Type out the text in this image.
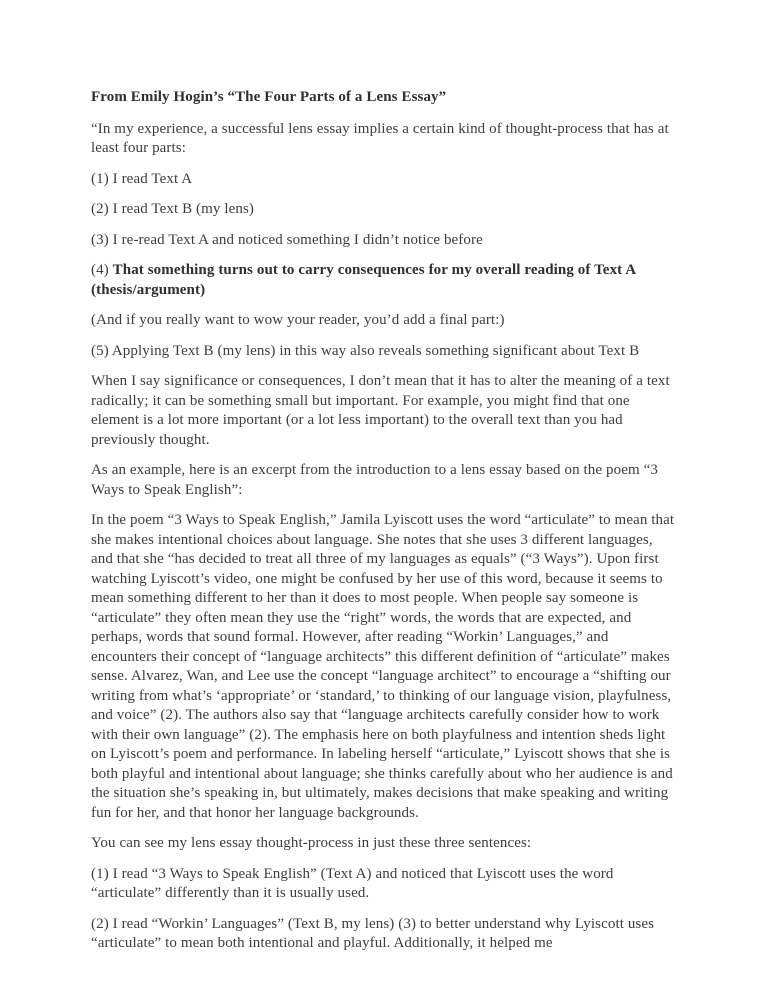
From Emily Hogin’s “The Four Parts of a Lens Essay”

“In my experience, a successful lens essay implies a certain kind of thought-process that has at least four parts:

(1) I read Text A

(2) I read Text B (my lens)

(3) I re-read Text A and noticed something I didn’t notice before

(4) That something turns out to carry consequences for my overall reading of Text A (thesis/argument)

(And if you really want to wow your reader, you’d add a final part:)

(5) Applying Text B (my lens) in this way also reveals something significant about Text B

When I say significance or consequences, I don’t mean that it has to alter the meaning of a text radically; it can be something small but important. For example, you might find that one element is a lot more important (or a lot less important) to the overall text than you had previously thought.

As an example, here is an excerpt from the introduction to a lens essay based on the poem “3 Ways to Speak English”:

In the poem “3 Ways to Speak English,” Jamila Lyiscott uses the word “articulate” to mean that she makes intentional choices about language. She notes that she uses 3 different languages, and that she “has decided to treat all three of my languages as equals” (“3 Ways”). Upon first watching Lyiscott’s video, one might be confused by her use of this word, because it seems to mean something different to her than it does to most people. When people say someone is “articulate” they often mean they use the “right” words, the words that are expected, and perhaps, words that sound formal. However, after reading “Workin’ Languages,” and encounters their concept of “language architects” this different definition of “articulate” makes sense. Alvarez, Wan, and Lee use the concept “language architect” to encourage a “shifting our writing from what’s ‘appropriate’ or ‘standard,’ to thinking of our language vision, playfulness, and voice” (2). The authors also say that “language architects carefully consider how to work with their own language” (2). The emphasis here on both playfulness and intention sheds light on Lyiscott’s poem and performance. In labeling herself “articulate,” Lyiscott shows that she is both playful and intentional about language; she thinks carefully about who her audience is and the situation she’s speaking in, but ultimately, makes decisions that make speaking and writing fun for her, and that honor her language backgrounds.

You can see my lens essay thought-process in just these three sentences:

(1) I read “3 Ways to Speak English” (Text A) and noticed that Lyiscott uses the word “articulate” differently than it is usually used.

(2) I read “Workin’ Languages” (Text B, my lens) (3) to better understand why Lyiscott uses “articulate” to mean both intentional and playful. Additionally, it helped me
